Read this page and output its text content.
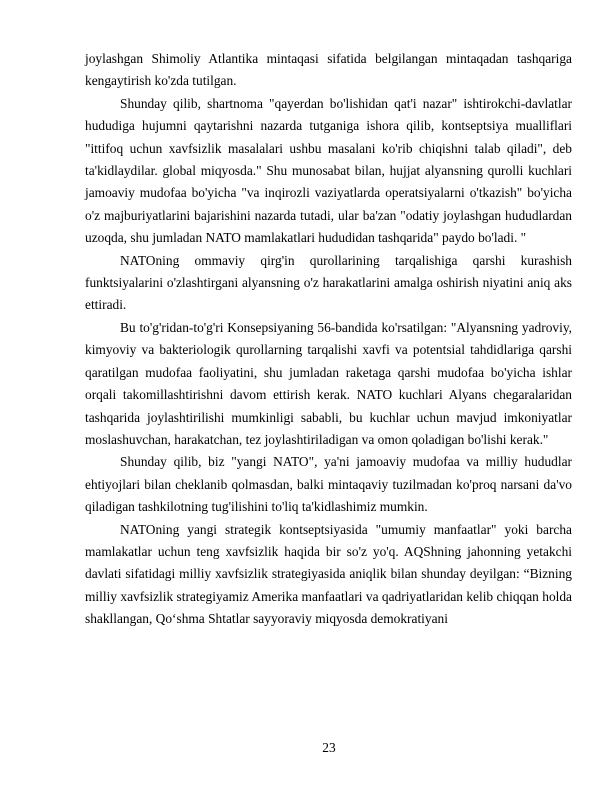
joylashgan Shimoliy Atlantika mintaqasi sifatida belgilangan mintaqadan tashqariga kengaytirish ko'zda tutilgan.

Shunday qilib, shartnoma "qayerdan bo'lishidan qat'i nazar" ishtirokchi-davlatlar hududiga hujumni qaytarishni nazarda tutganiga ishora qilib, kontseptsiya mualliflari "ittifoq uchun xavfsizlik masalalari ushbu masalani ko'rib chiqishni talab qiladi", deb ta'kidlaydilar. global miqyosda." Shu munosabat bilan, hujjat alyansning qurolli kuchlari jamoaviy mudofaa bo'yicha "va inqirozli vaziyatlarda operatsiyalarni o'tkazish" bo'yicha o'z majburiyatlarini bajarishini nazarda tutadi, ular ba'zan "odatiy joylashgan hududlardan uzoqda, shu jumladan NATO mamlakatlari hududidan tashqarida" paydo bo'ladi. "

NATOning ommaviy qirg'in qurollarining tarqalishiga qarshi kurashish funktsiyalarini o'zlashtirgani alyansning o'z harakatlarini amalga oshirish niyatini aniq aks ettiradi.

Bu to'g'ridan-to'g'ri Konsepsiyaning 56-bandida ko'rsatilgan: "Alyansning yadroviy, kimyoviy va bakteriologik qurollarning tarqalishi xavfi va potentsial tahdidlariga qarshi qaratilgan mudofaa faoliyatini, shu jumladan raketaga qarshi mudofaa bo'yicha ishlar orqali takomillashtirishni davom ettirish kerak. NATO kuchlari Alyans chegaralaridan tashqarida joylashtirilishi mumkinligi sababli, bu kuchlar uchun mavjud imkoniyatlar moslashuvchan, harakatchan, tez joylashtiriladigan va omon qoladigan bo'lishi kerak."

Shunday qilib, biz "yangi NATO", ya'ni jamoaviy mudofaa va milliy hududlar ehtiyojlari bilan cheklanib qolmasdan, balki mintaqaviy tuzilmadan ko'proq narsani da'vo qiladigan tashkilotning tug'ilishini to'liq ta'kidlashimiz mumkin.

NATOning yangi strategik kontseptsiyasida "umumiy manfaatlar" yoki barcha mamlakatlar uchun teng xavfsizlik haqida bir so'z yo'q. AQShning jahonning yetakchi davlati sifatidagi milliy xavfsizlik strategiyasida aniqlik bilan shunday deyilgan: “Bizning milliy xavfsizlik strategiyamiz Amerika manfaatlari va qadriyatlaridan kelib chiqqan holda shakllangan, Qo‘shma Shtatlar sayyoraviy miqyosda demokratiyani

23
